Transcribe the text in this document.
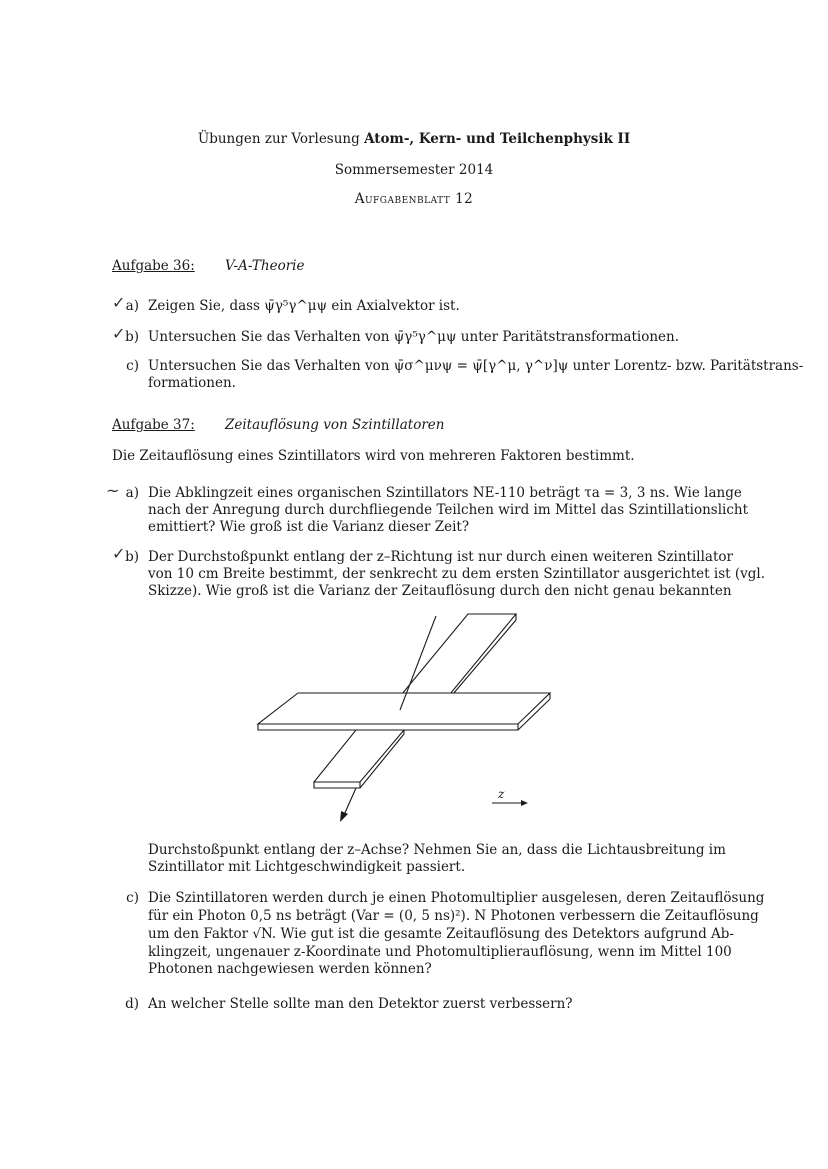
Übungen zur Vorlesung Atom-, Kern- und Teilchenphysik II
Sommersemester 2014
Aufgabenblatt 12
Aufgabe 36: V-A-Theorie
✓ a) Zeigen Sie, dass ψ̄γ⁵γ^μψ ein Axialvektor ist.
✓ b) Untersuchen Sie das Verhalten von ψ̄γ⁵γ^μψ unter Paritätstransformationen.
c) Untersuchen Sie das Verhalten von ψ̄σ^μνψ = ψ̄[γ^μ, γ^ν]ψ unter Lorentz- bzw. Paritätstrans-
formationen.
Aufgabe 37: Zeitauflösung von Szintillatoren
Die Zeitauflösung eines Szintillators wird von mehreren Faktoren bestimmt.
~ a) Die Abklingzeit eines organischen Szintillators NE-110 beträgt τa = 3, 3 ns. Wie lange
nach der Anregung durch durchfliegende Teilchen wird im Mittel das Szintillationslicht
emittiert? Wie groß ist die Varianz dieser Zeit?
✓ b) Der Durchstoßpunkt entlang der z–Richtung ist nur durch einen weiteren Szintillator
von 10 cm Breite bestimmt, der senkrecht zu dem ersten Szintillator ausgerichtet ist (vgl.
Skizze). Wie groß ist die Varianz der Zeitauflösung durch den nicht genau bekannten
z
Durchstoßpunkt entlang der z–Achse? Nehmen Sie an, dass die Lichtausbreitung im
Szintillator mit Lichtgeschwindigkeit passiert.
c) Die Szintillatoren werden durch je einen Photomultiplier ausgelesen, deren Zeitauflösung
für ein Photon 0,5 ns beträgt (Var = (0, 5 ns)²). N Photonen verbessern die Zeitauflösung
um den Faktor √N. Wie gut ist die gesamte Zeitauflösung des Detektors aufgrund Ab-
klingzeit, ungenauer z-Koordinate und Photomultiplierauflösung, wenn im Mittel 100
Photonen nachgewiesen werden können?
d) An welcher Stelle sollte man den Detektor zuerst verbessern?
